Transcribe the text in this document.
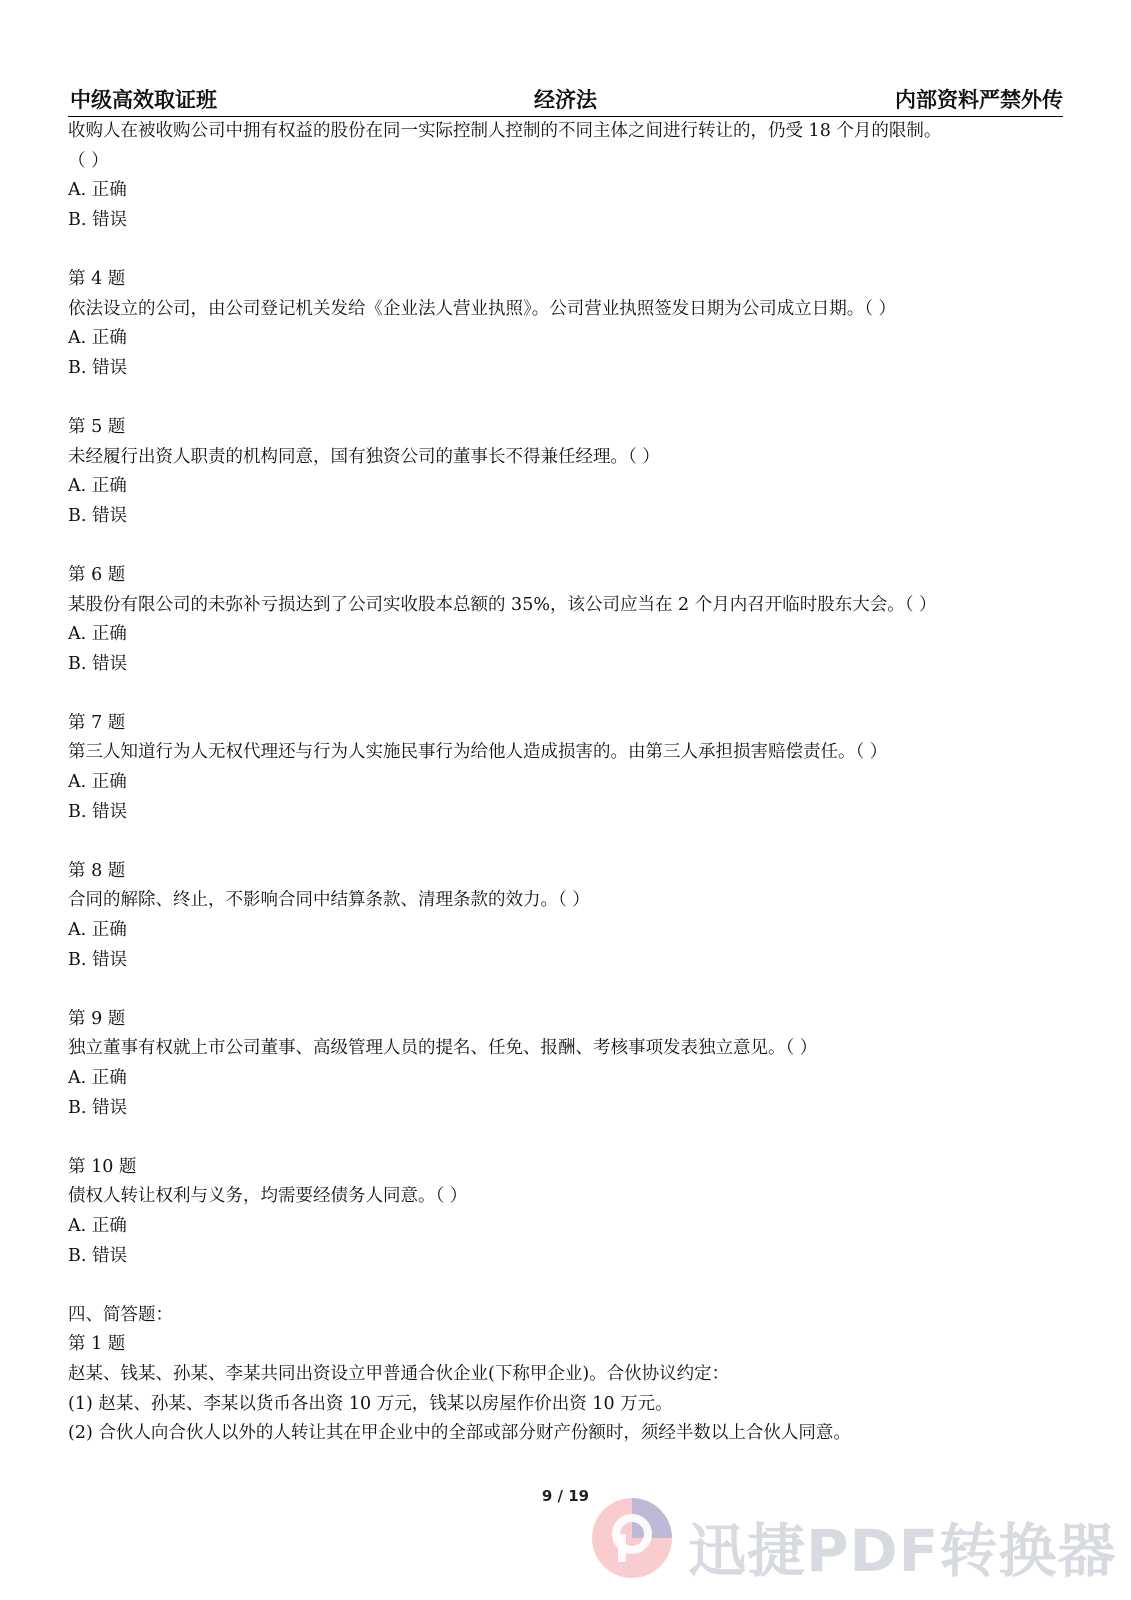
中级高效取证班	经济法	内部资料严禁外传
收购人在被收购公司中拥有权益的股份在同一实际控制人控制的不同主体之间进行转让的，仍受 18 个月的限制。
（ ）
A. 正确
B. 错误
第 4 题
依法设立的公司，由公司登记机关发给《企业法人营业执照》。公司营业执照签发日期为公司成立日期。（ ）
A. 正确
B. 错误
第 5 题
未经履行出资人职责的机构同意，国有独资公司的董事长不得兼任经理。（ ）
A. 正确
B. 错误
第 6 题
某股份有限公司的未弥补亏损达到了公司实收股本总额的 35%，该公司应当在 2 个月内召开临时股东大会。（ ）
A. 正确
B. 错误
第 7 题
第三人知道行为人无权代理还与行为人实施民事行为给他人造成损害的。由第三人承担损害赔偿责任。（ ）
A. 正确
B. 错误
第 8 题
合同的解除、终止，不影响合同中结算条款、清理条款的效力。（ ）
A. 正确
B. 错误
第 9 题
独立董事有权就上市公司董事、高级管理人员的提名、任免、报酬、考核事项发表独立意见。（ ）
A. 正确
B. 错误
第 10 题
债权人转让权利与义务，均需要经债务人同意。（ ）
A. 正确
B. 错误
四、简答题：
第 1 题
赵某、钱某、孙某、李某共同出资设立甲普通合伙企业(下称甲企业)。合伙协议约定：
(1) 赵某、孙某、李某以货币各出资 10 万元，钱某以房屋作价出资 10 万元。
(2) 合伙人向合伙人以外的人转让其在甲企业中的全部或部分财产份额时，须经半数以上合伙人同意。
9 / 19
迅捷PDF转换器
